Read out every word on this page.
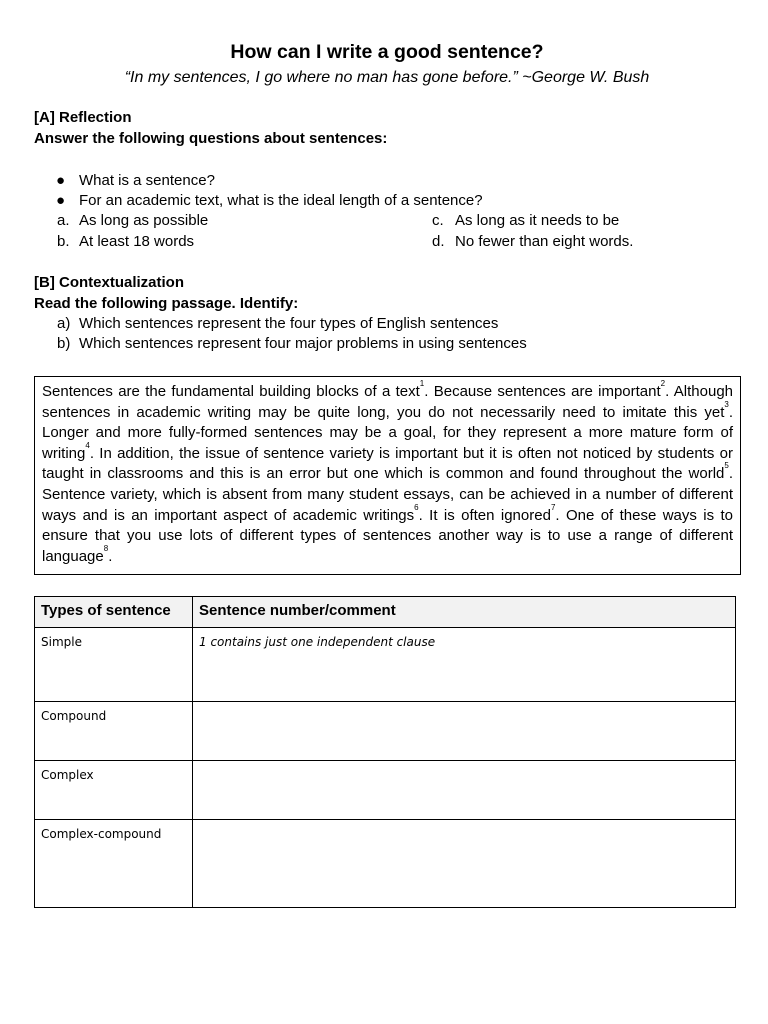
How can I write a good sentence?
“In my sentences, I go where no man has gone before.” ~George W. Bush
[A] Reflection
Answer the following questions about sentences:
● What is a sentence?
● For an academic text, what is the ideal length of a sentence?
a. As long as possible
b. At least 18 words
c. As long as it needs to be
d. No fewer than eight words.
[B] Contextualization
Read the following passage. Identify:
a) Which sentences represent the four types of English sentences
b) Which sentences represent four major problems in using sentences
Sentences are the fundamental building blocks of a text$^1$. Because sentences are important$^2$. Although sentences in academic writing may be quite long, you do not necessarily need to imitate this yet$^3$. Longer and more fully-formed sentences may be a goal, for they represent a more mature form of writing$^4$. In addition, the issue of sentence variety is important but it is often not noticed by students or taught in classrooms and this is an error but one which is common and found throughout the world$^5$. Sentence variety, which is absent from many student essays, can be achieved in a number of different ways and is an important aspect of academic writings$^6$. It is often ignored$^7$. One of these ways is to ensure that you use lots of different types of sentences another way is to use a range of different language$^8$.
Types of sentence	Sentence number/comment
Simple	1 contains just one independent clause
Compound	
Complex	
Complex-compound	
